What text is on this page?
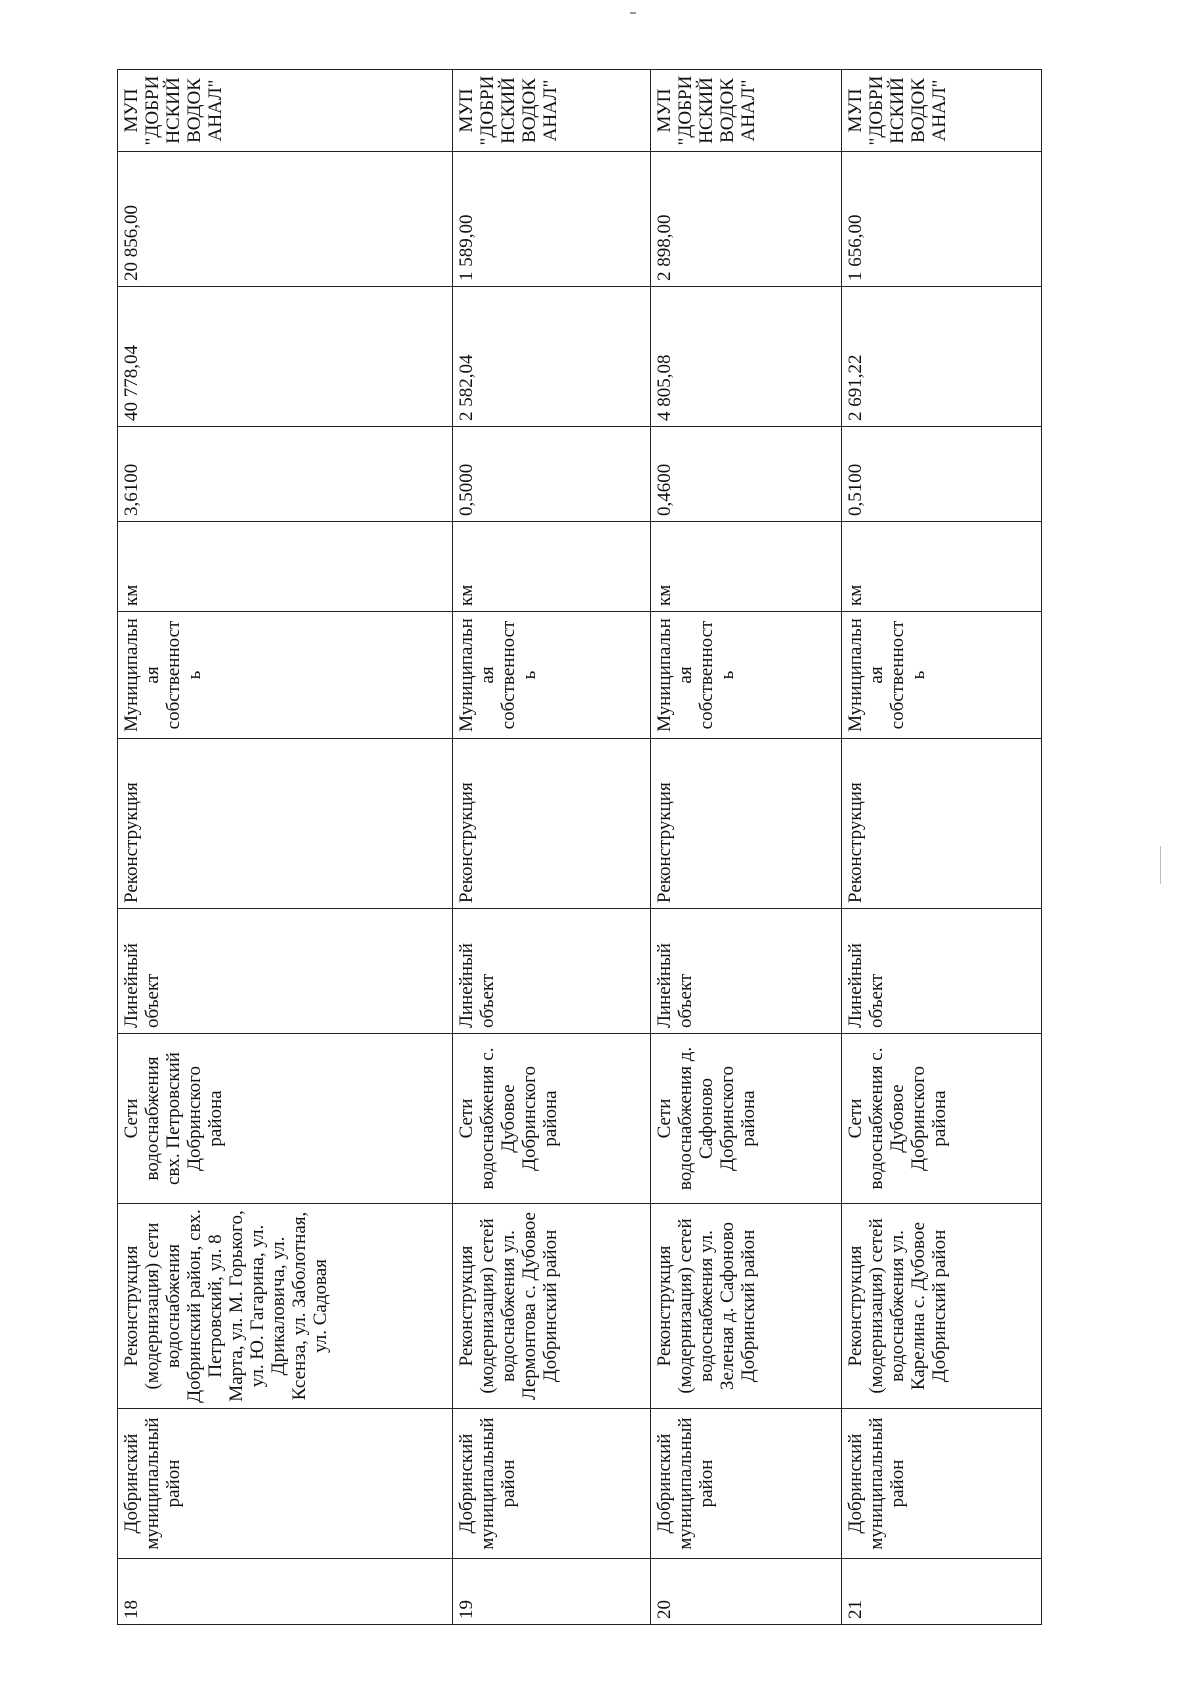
18	Добринский муниципальный район	Реконструкция (модернизация) сети водоснабжения Добринский район, свх. Петровский, ул. 8 Марта, ул. М. Горького, ул. Ю. Гагарина, ул. Дрикаловича, ул. Ксенза, ул. Заболотная, ул. Садовая	Сети водоснабжения свх. Петровский Добринского района	Линейный объект	Реконструкция	Муниципальная собственность	км	3,6100	40 778,04	20 856,00	МУП "ДОБРИНСКИЙ ВОДОКАНАЛ"
19	Добринский муниципальный район	Реконструкция (модернизация) сетей водоснабжения ул. Лермонтова с. Дубовое Добринский район	Сети водоснабжения с. Дубовое Добринского района	Линейный объект	Реконструкция	Муниципальная собственность	км	0,5000	2 582,04	1 589,00	МУП "ДОБРИНСКИЙ ВОДОКАНАЛ"
20	Добринский муниципальный район	Реконструкция (модернизация) сетей водоснабжения ул. Зеленая д. Сафоново Добринский район	Сети водоснабжения д. Сафоново Добринского района	Линейный объект	Реконструкция	Муниципальная собственность	км	0,4600	4 805,08	2 898,00	МУП "ДОБРИНСКИЙ ВОДОКАНАЛ"
21	Добринский муниципальный район	Реконструкция (модернизация) сетей водоснабжения ул. Карелина с. Дубовое Добринский район	Сети водоснабжения с. Дубовое Добринского района	Линейный объект	Реконструкция	Муниципальная собственность	км	0,5100	2 691,22	1 656,00	МУП "ДОБРИНСКИЙ ВОДОКАНАЛ"
